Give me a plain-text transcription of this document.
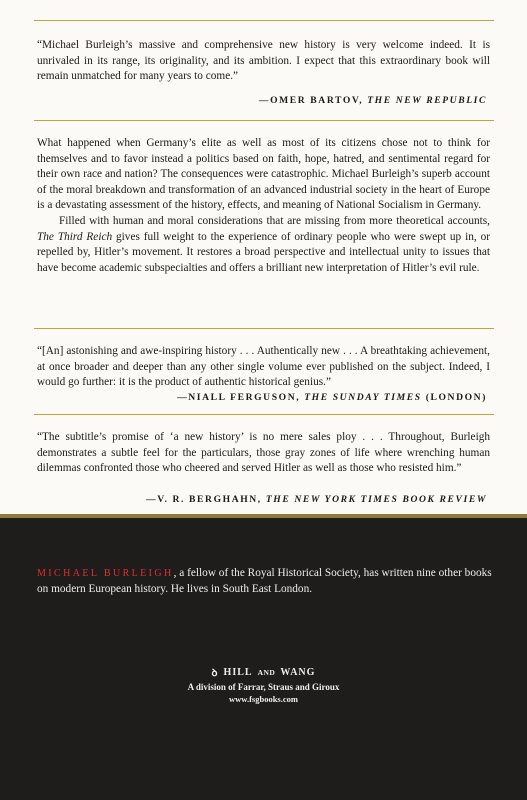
“Michael Burleigh’s massive and comprehensive new history is very welcome indeed. It is unrivaled in its range, its originality, and its ambition. I expect that this extraordinary book will remain unmatched for many years to come.”
—OMER BARTOV, THE NEW REPUBLIC

What happened when Germany’s elite as well as most of its citizens chose not to think for themselves and to favor instead a politics based on faith, hope, hatred, and sentimental regard for their own race and nation? The consequences were catastrophic. Michael Burleigh’s superb account of the moral breakdown and transformation of an advanced industrial society in the heart of Europe is a devastating assessment of the history, effects, and meaning of National Socialism in Germany.

Filled with human and moral considerations that are missing from more theoretical accounts, The Third Reich gives full weight to the experience of ordinary people who were swept up in, or repelled by, Hitler’s movement. It restores a broad perspective and intellectual unity to issues that have become academic subspecialties and offers a brilliant new interpretation of Hitler’s evil rule.

“[An] astonishing and awe-inspiring history . . . Authentically new . . . A breathtaking achievement, at once broader and deeper than any other single volume ever published on the subject. Indeed, I would go further: it is the product of authentic historical genius.”
—NIALL FERGUSON, THE SUNDAY TIMES (LONDON)
“The subtitle’s promise of ‘a new history’ is no mere sales ploy . . . Throughout, Burleigh demonstrates a subtle feel for the particulars, those gray zones of life where wrenching human dilemmas confronted those who cheered and served Hitler as well as those who resisted him.”
—V. R. BERGHAHN, THE NEW YORK TIMES BOOK REVIEW
MICHAEL BURLEIGH, a fellow of the Royal Historical Society, has written nine other books on modern European history. He lives in South East London.
ꝺ HILL AND WANG
A division of Farrar, Straus and Giroux
www.fsgbooks.com
